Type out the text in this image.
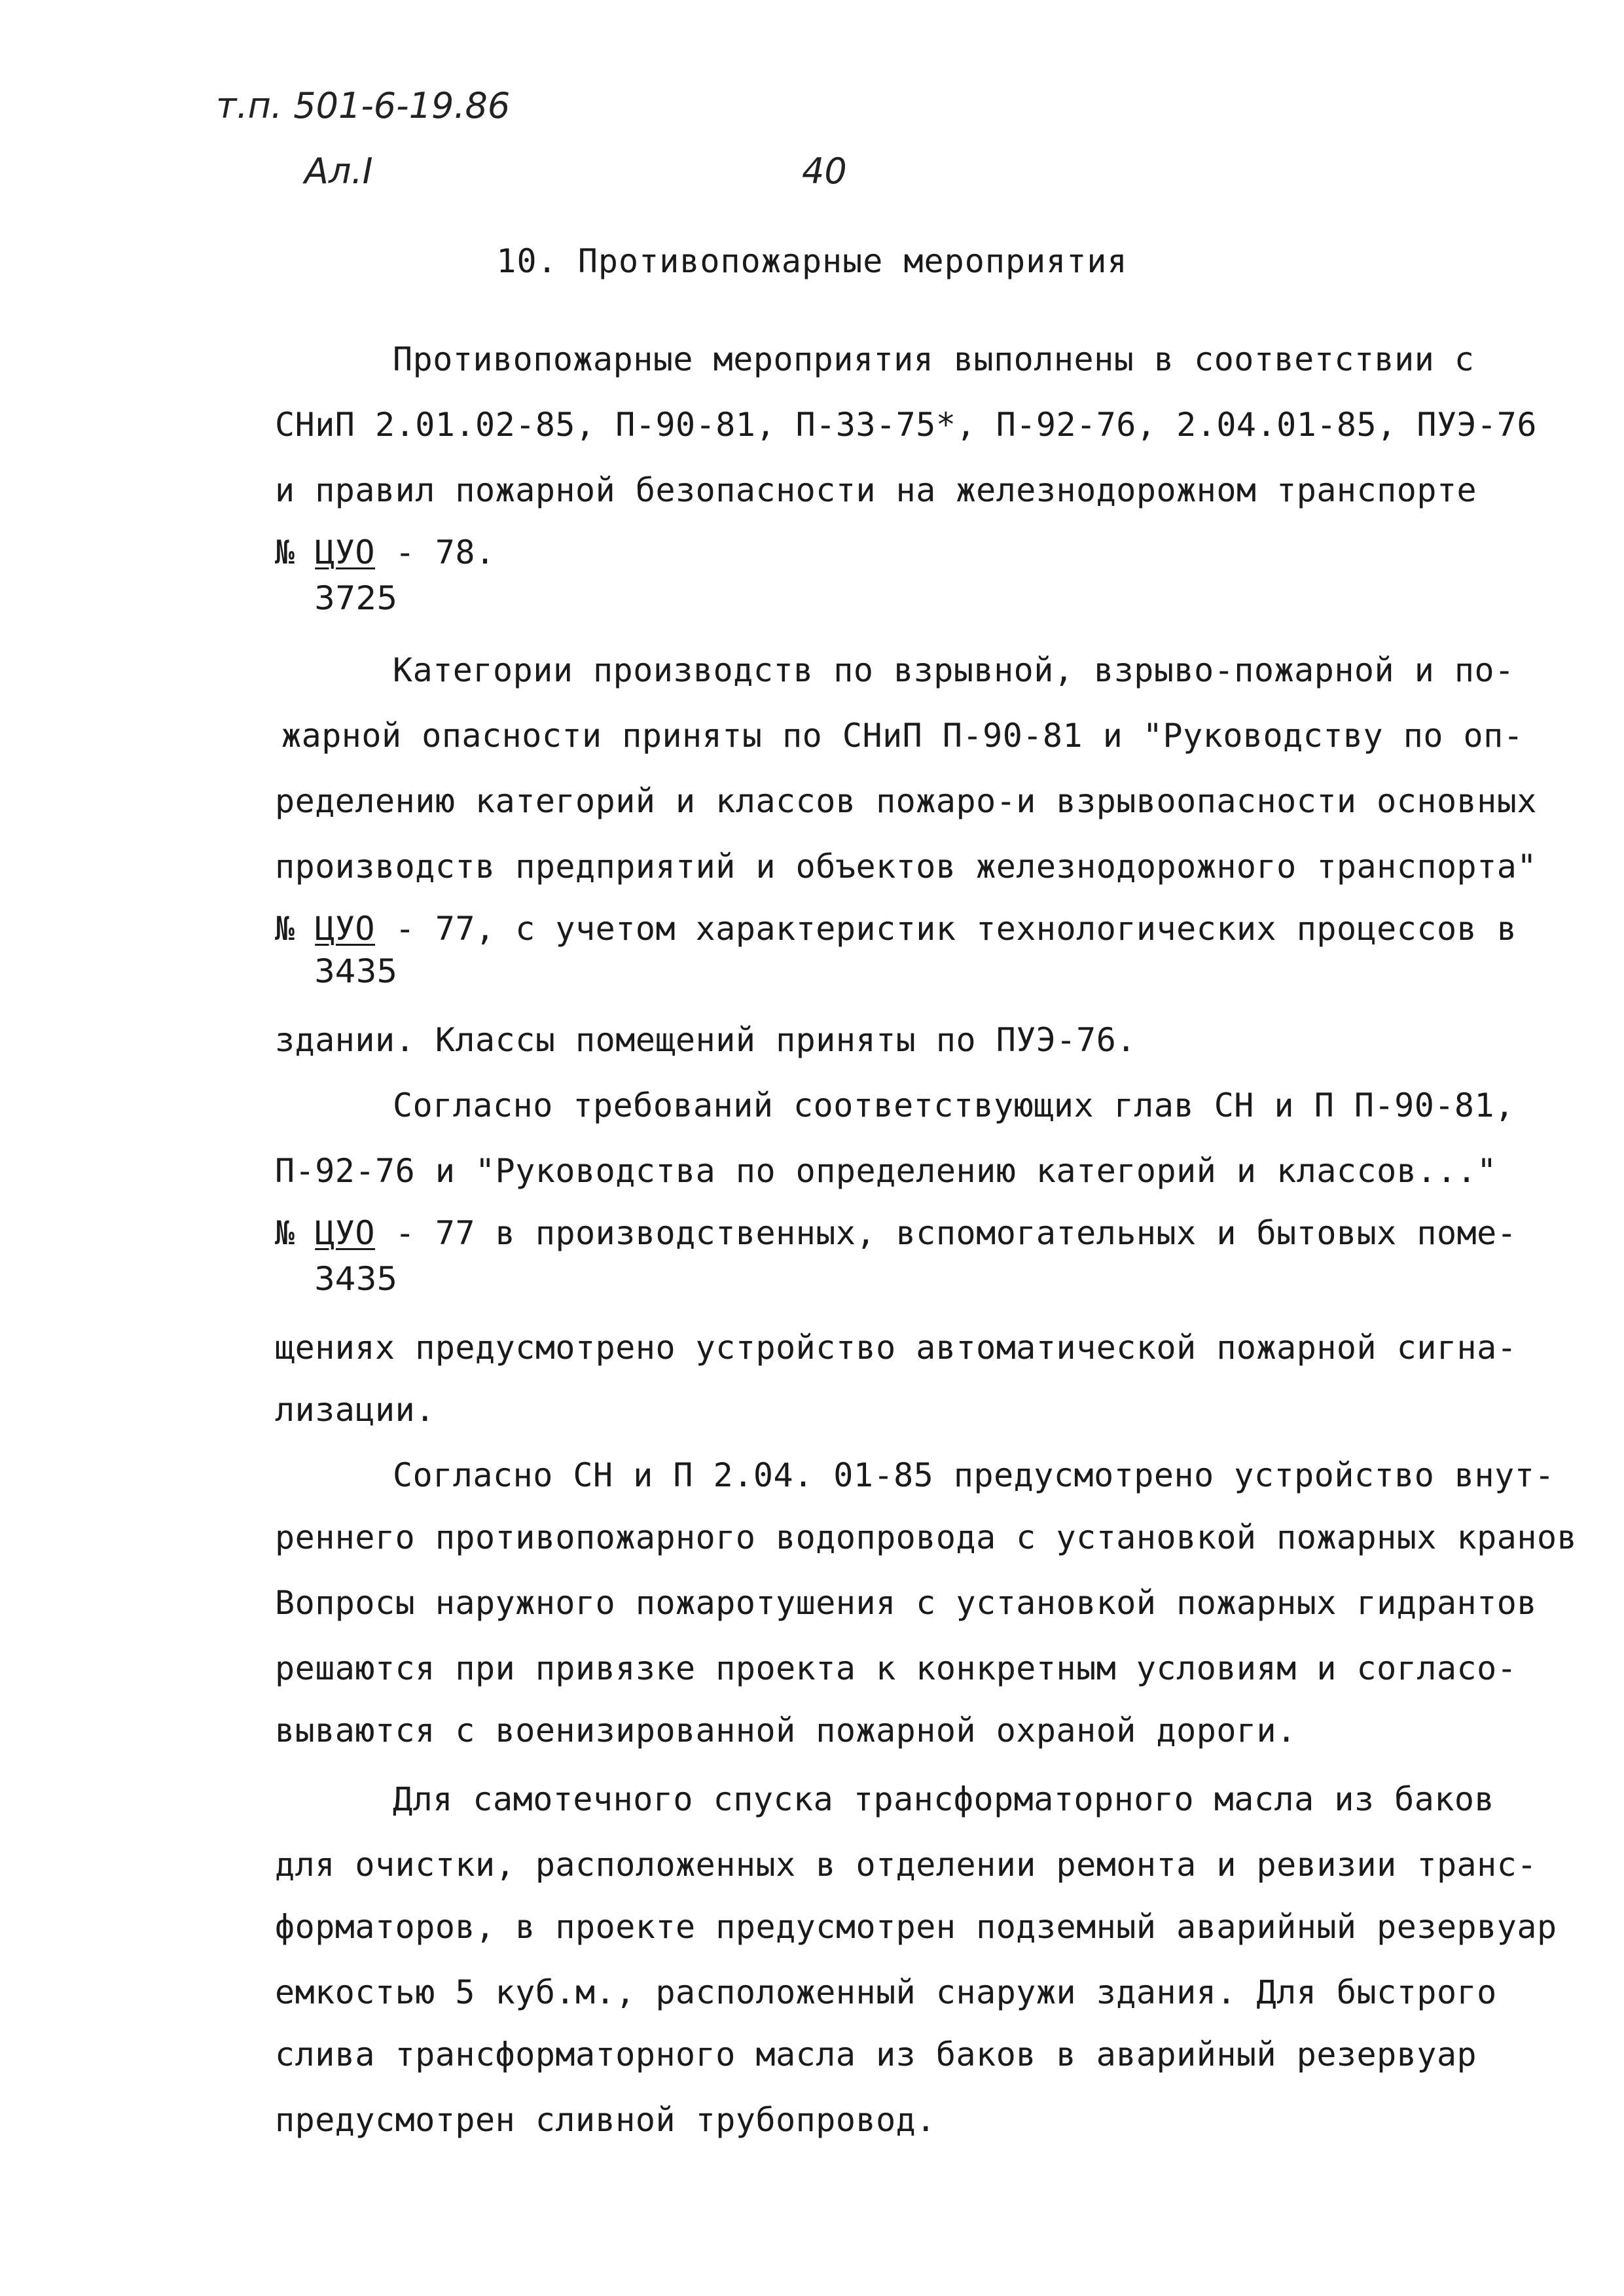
т.п. 501-6-19.86

Ал.I	40

10. Противопожарные мероприятия

Противопожарные мероприятия выполнены в соответствии с

СНиП 2.01.02-85, П-90-81, П-33-75*, П-92-76, 2.04.01-85, ПУЭ-76

и правил пожарной безопасности на железнодорожном транспорте

№ ЦУО - 78.

3725

Категории производств по взрывной, взрыво-пожарной и по-

жарной опасности приняты по СНиП П-90-81 и "Руководству по оп-

ределению категорий и классов пожаро-и взрывоопасности основных

производств предприятий и объектов железнодорожного транспорта"

№ ЦУО - 77, с учетом характеристик технологических процессов в

3435

здании. Классы помещений приняты по ПУЭ-76.

Согласно требований соответствующих глав СН и П П-90-81,

П-92-76 и "Руководства по определению категорий и классов..."

№ ЦУО - 77 в производственных, вспомогательных и бытовых поме-

3435

щениях предусмотрено устройство автоматической пожарной сигна-

лизации.

Согласно СН и П 2.04. 01-85 предусмотрено устройство внут-

реннего противопожарного водопровода с установкой пожарных кранов

Вопросы наружного пожаротушения с установкой пожарных гидрантов

решаются при привязке проекта к конкретным условиям и согласо-

вываются с военизированной пожарной охраной дороги.

Для самотечного спуска трансформаторного масла из баков

для очистки, расположенных в отделении ремонта и ревизии транс-

форматоров, в проекте предусмотрен подземный аварийный резервуар

емкостью 5 куб.м., расположенный снаружи здания. Для быстрого

слива трансформаторного масла из баков в аварийный резервуар

предусмотрен сливной трубопровод.
